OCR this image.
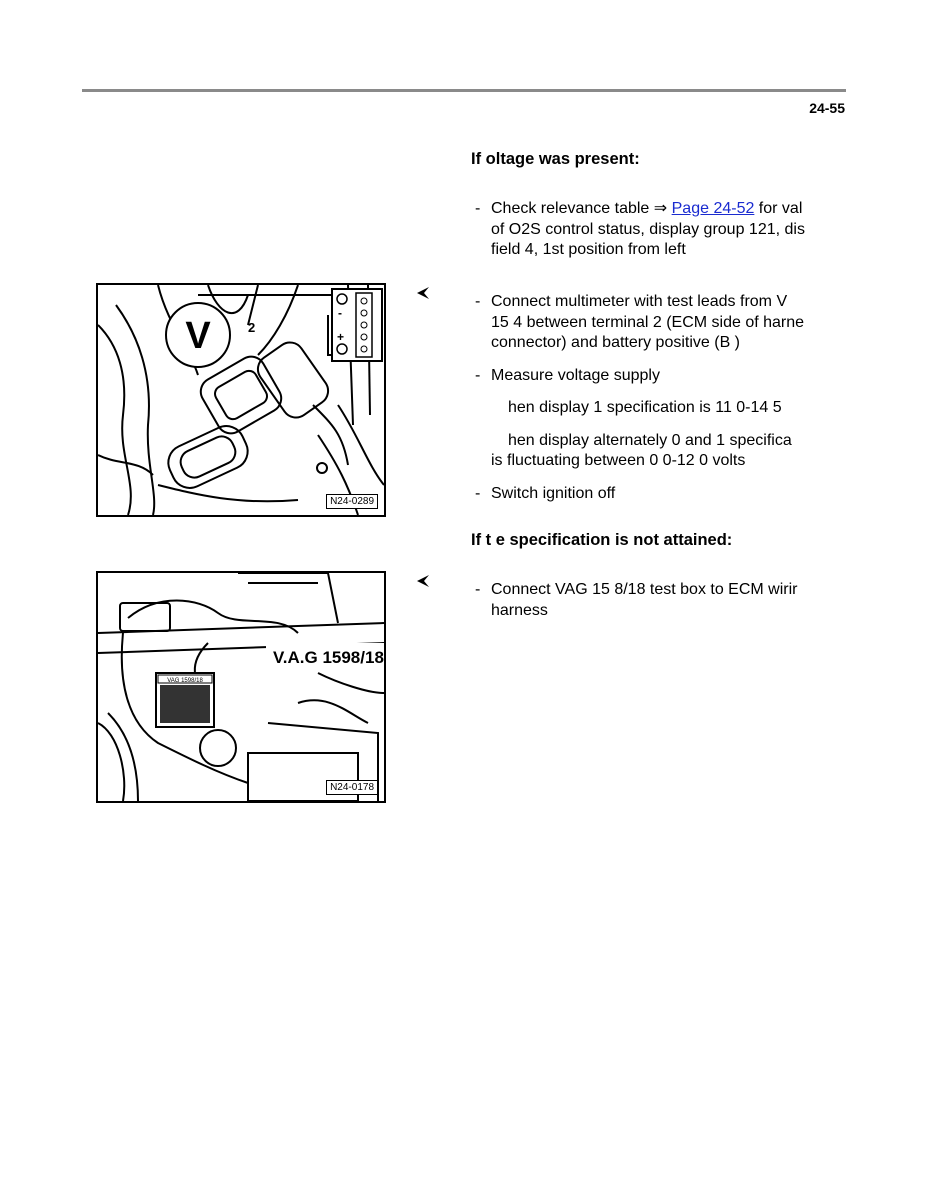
24-55
If oltage was present:
- Check relevance table ⇒ Page 24-52 for val
of O2S control status, display group 121, dis
field 4, 1st position from left
- Connect multimeter with test leads from V
15 4 between terminal 2 (ECM side of harne
connector) and battery positive (B )
- Measure voltage supply
hen display 1 specification is 11 0-14 5
hen display alternately 0 and 1 specifica
is fluctuating between 0 0-12 0 volts
- Switch ignition off
If t e specification is not attained:
- Connect VAG 15 8/18 test box to ECM wirir
harness
V	2
-
+
N24-0289
VAG 1598/18
V.A.G 1598/18
N24-0178
